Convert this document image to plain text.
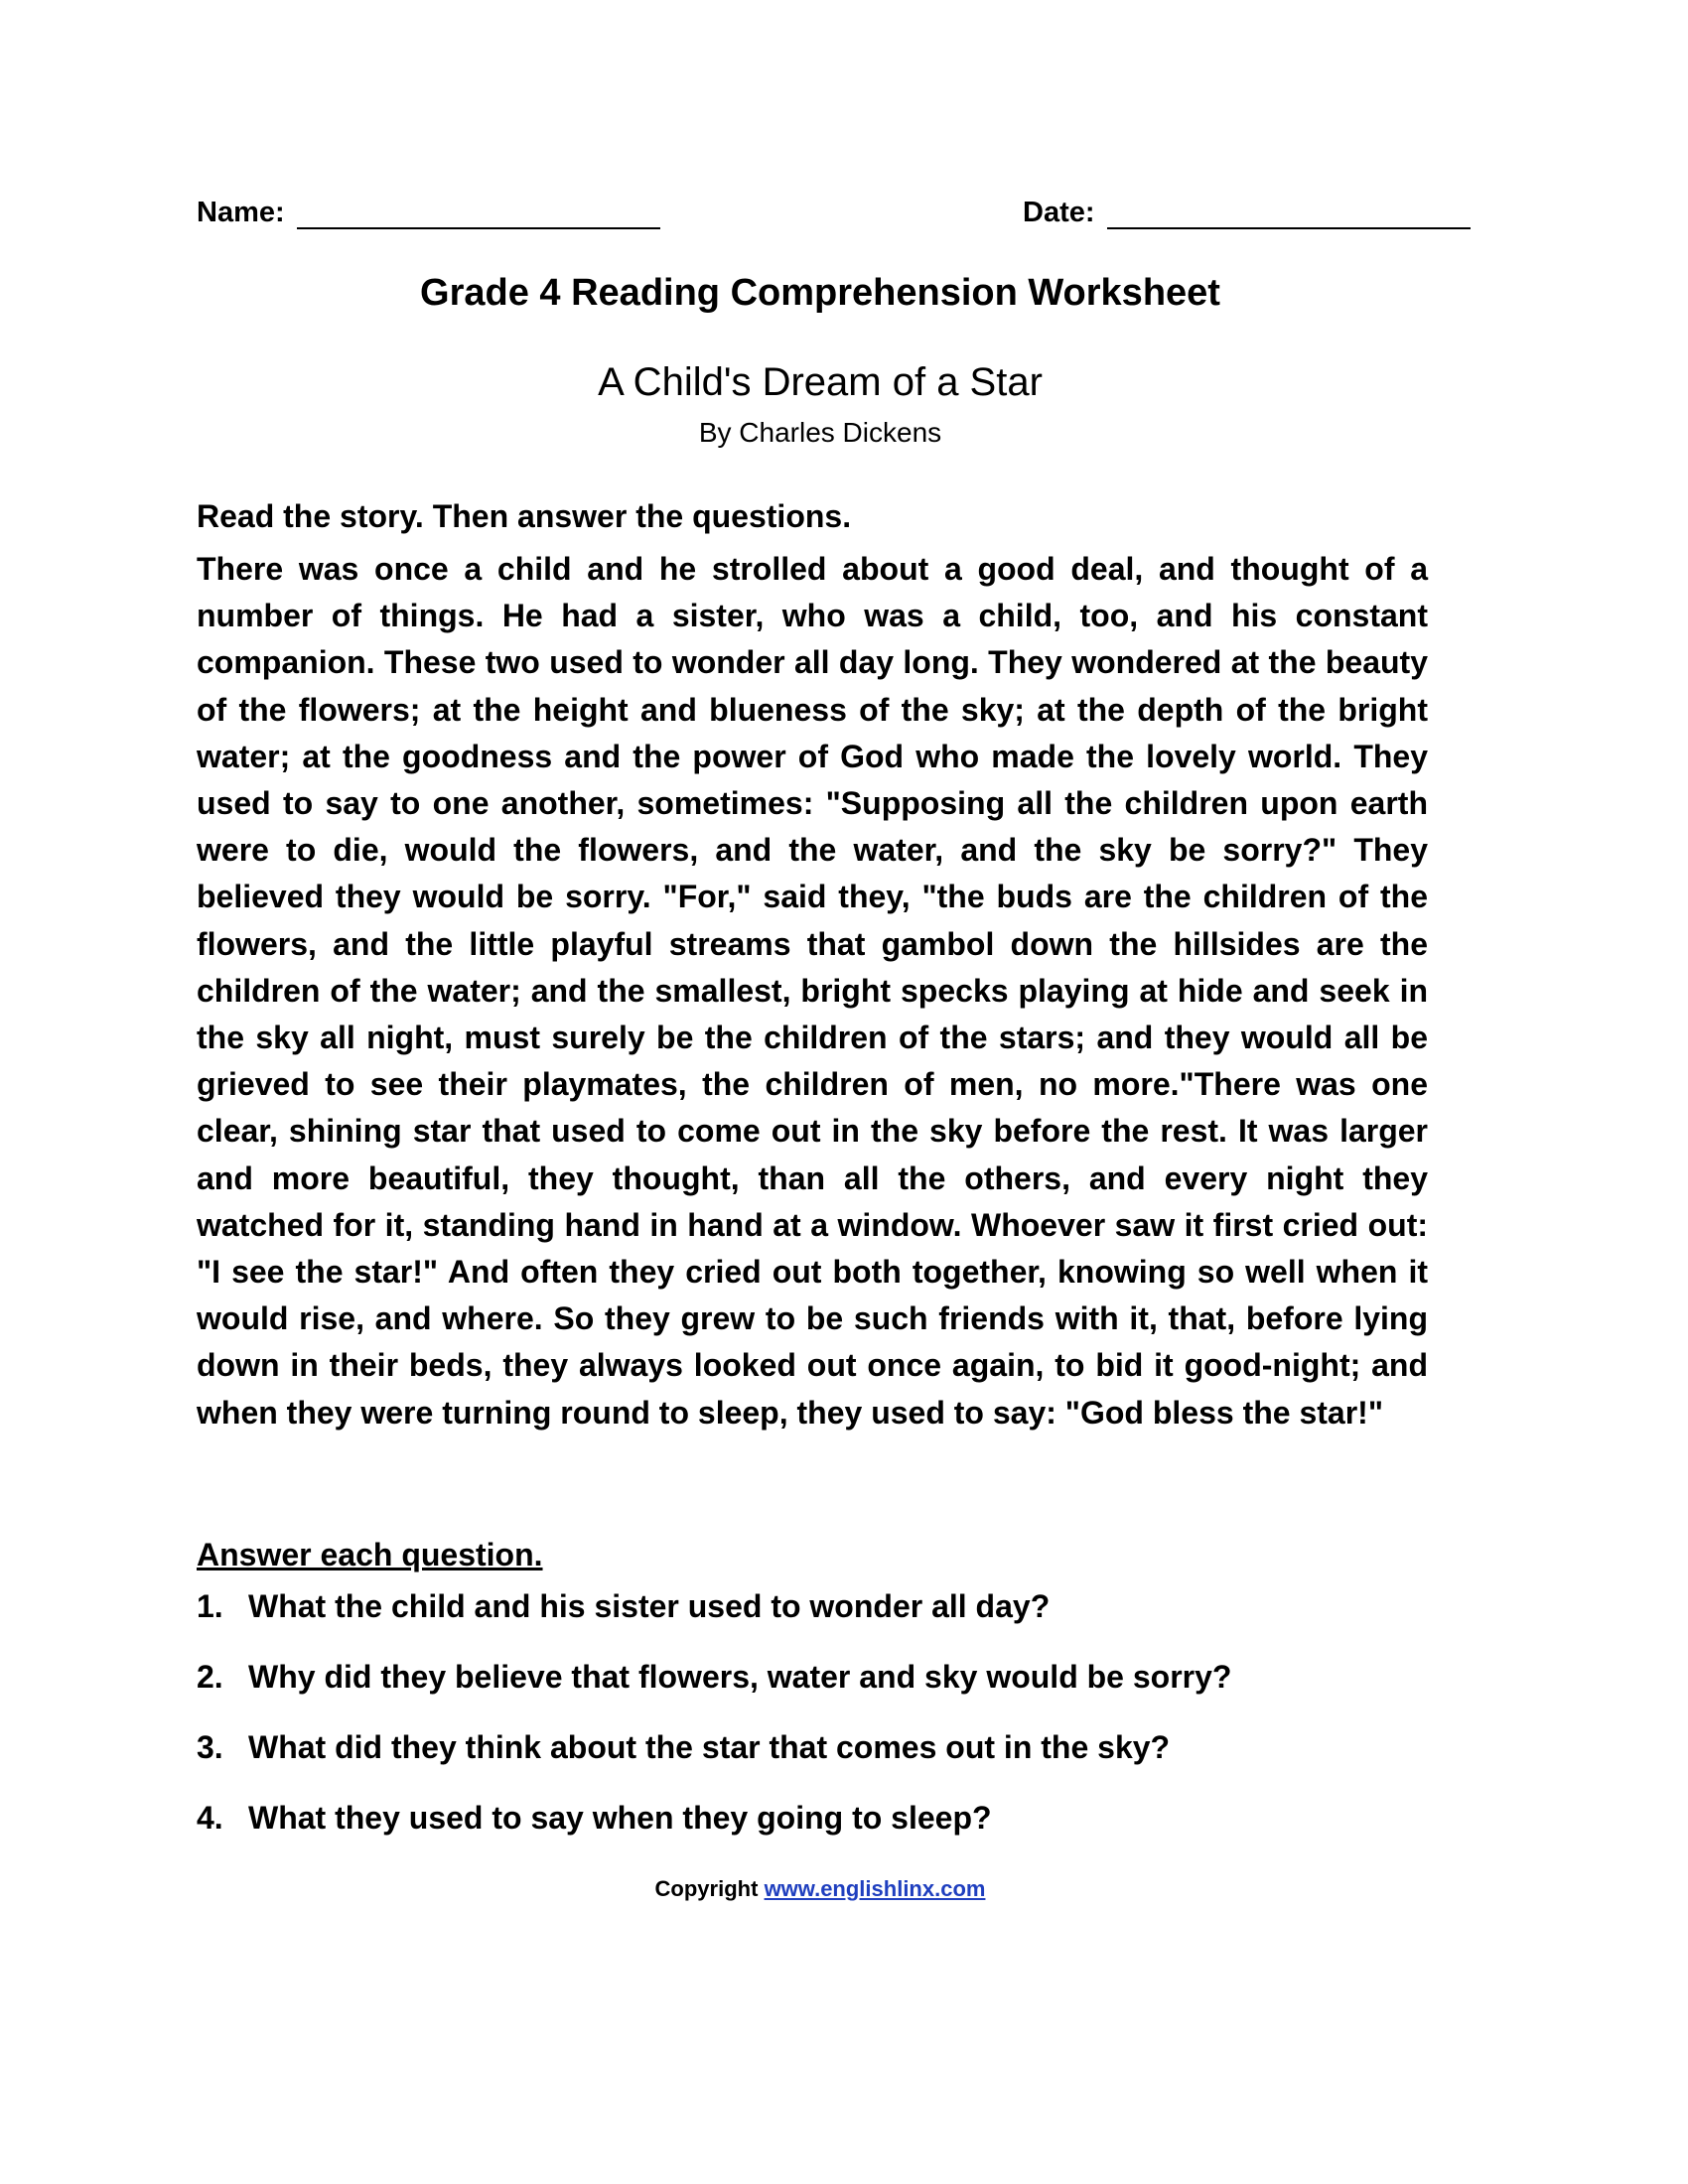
Name:	Date:
Grade 4 Reading Comprehension Worksheet
A Child's Dream of a Star
By Charles Dickens
Read the story. Then answer the questions.

There was once a child and he strolled about a good deal, and thought of a number of things. He had a sister, who was a child, too, and his constant companion. These two used to wonder all day long. They wondered at the beauty of the flowers; at the height and blueness of the sky; at the depth of the bright water; at the goodness and the power of God who made the lovely world. They used to say to one another, sometimes: "Supposing all the children upon earth were to die, would the flowers, and the water, and the sky be sorry?" They believed they would be sorry. "For," said they, "the buds are the children of the flowers, and the little playful streams that gambol down the hillsides are the children of the water; and the smallest, bright specks playing at hide and seek in the sky all night, must surely be the children of the stars; and they would all be grieved to see their playmates, the children of men, no more."There was one clear, shining star that used to come out in the sky before the rest. It was larger and more beautiful, they thought, than all the others, and every night they watched for it, standing hand in hand at a window. Whoever saw it first cried out: "I see the star!" And often they cried out both together, knowing so well when it would rise, and where. So they grew to be such friends with it, that, before lying down in their beds, they always looked out once again, to bid it good-night; and when they were turning round to sleep, they used to say: "God bless the star!"

Answer each question.
1. What the child and his sister used to wonder all day?
2. Why did they believe that flowers, water and sky would be sorry?
3. What did they think about the star that comes out in the sky?
4. What they used to say when they going to sleep?
Copyright www.englishlinx.com
